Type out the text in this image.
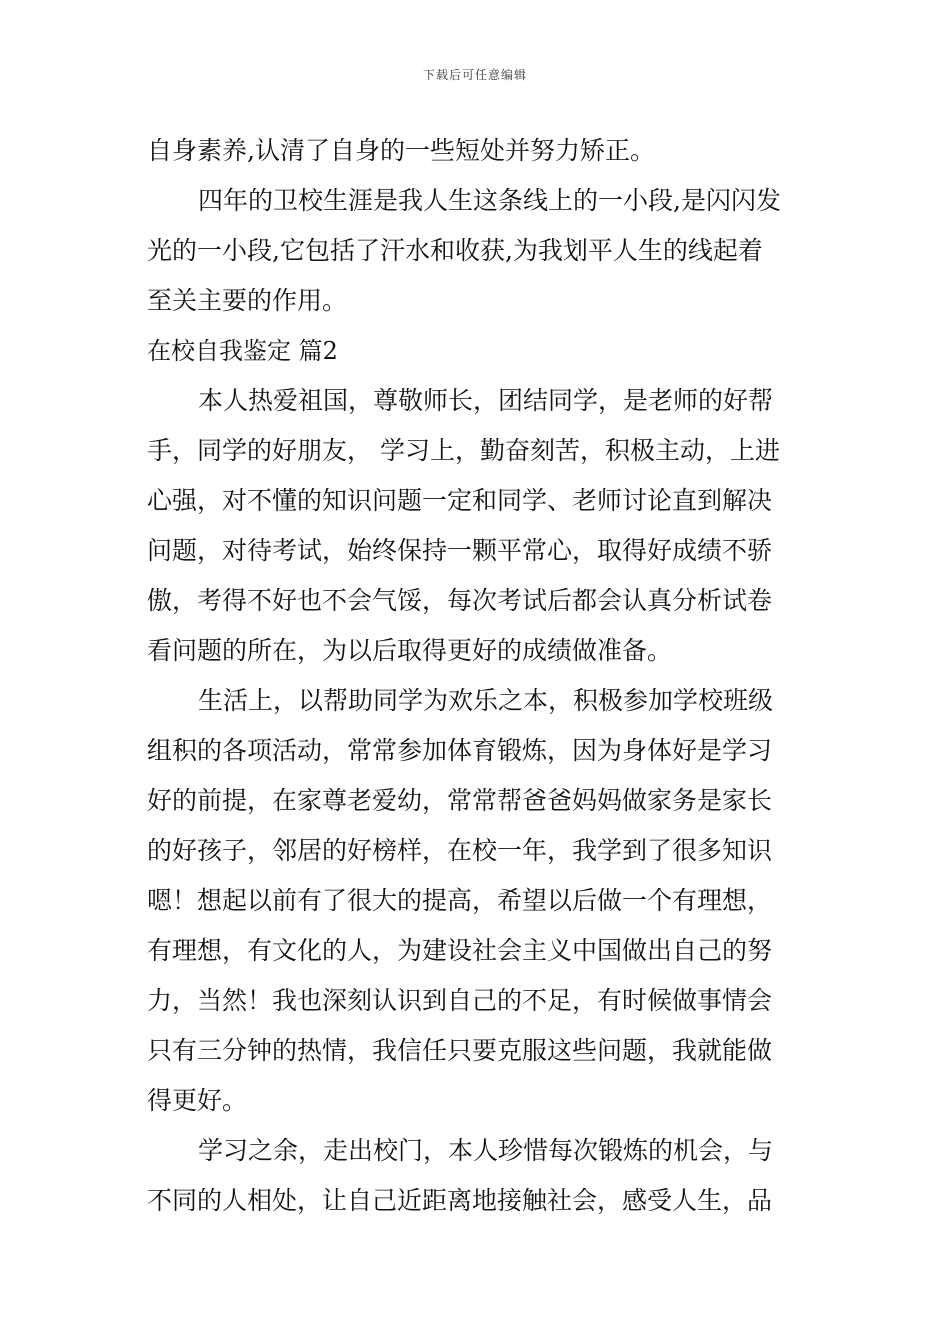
下载后可任意编辑
自身素养,认清了自身的一些短处并努力矫正。
四年的卫校生涯是我人生这条线上的一小段,是闪闪发
光的一小段,它包括了汗水和收获,为我划平人生的线起着
至关主要的作用。
在校自我鉴定 篇2
本人热爱祖国，尊敬师长，团结同学，是老师的好帮
手，同学的好朋友， 学习上，勤奋刻苦，积极主动，上进
心强，对不懂的知识问题一定和同学、老师讨论直到解决
问题，对待考试，始终保持一颗平常心，取得好成绩不骄
傲，考得不好也不会气馁，每次考试后都会认真分析试卷
看问题的所在，为以后取得更好的成绩做准备。
生活上，以帮助同学为欢乐之本，积极参加学校班级
组积的各项活动，常常参加体育锻炼，因为身体好是学习
好的前提，在家尊老爱幼，常常帮爸爸妈妈做家务是家长
的好孩子，邻居的好榜样，在校一年，我学到了很多知识
嗯！想起以前有了很大的提高，希望以后做一个有理想，
有理想，有文化的人，为建设社会主义中国做出自己的努
力，当然！我也深刻认识到自己的不足，有时候做事情会
只有三分钟的热情，我信任只要克服这些问题，我就能做
得更好。
学习之余，走出校门，本人珍惜每次锻炼的机会，与
不同的人相处，让自己近距离地接触社会，感受人生，品
